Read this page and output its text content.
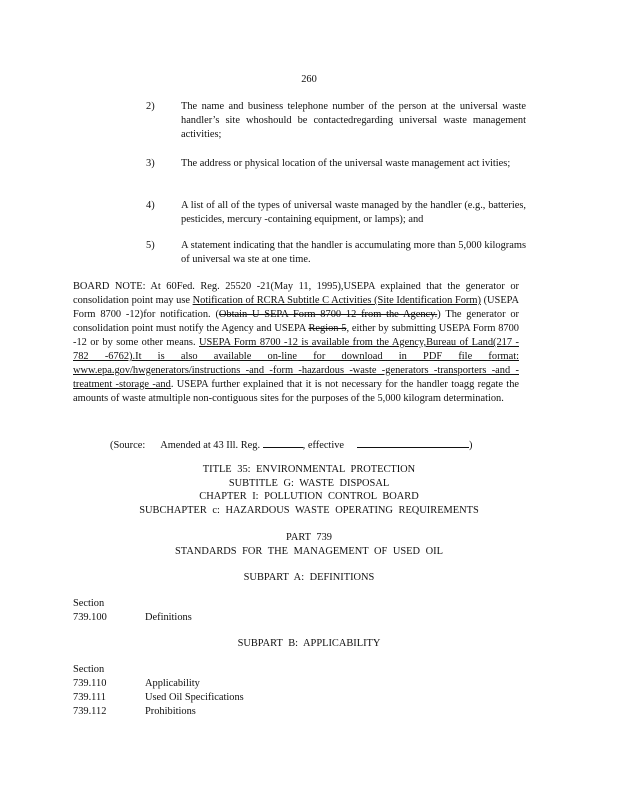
260
2)	The name and business telephone number of the person at the universal waste handler’s site whoshould be contactedregarding universal waste management activities;
3)	The address or physical location of the universal waste management act ivities;
4)	A list of all of the types of universal waste managed by the handler (e.g., batteries, pesticides, mercury -containing equipment, or lamps); and
5)	A statement indicating that the handler is accumulating more than 5,000 kilograms of universal wa ste at one time.
BOARD NOTE: At 60Fed. Reg. 25520 -21(May 11, 1995),USEPA explained that the generator or consolidation point may use Notification of RCRA Subtitle C Activities (Site Identification Form) (USEPA Form 8700 -12)for notification. (Obtain U SEPA Form 8700 12 from the Agency.) The generator or consolidation point must notify the Agency and USEPA Region 5, either by submitting USEPA Form 8700 -12 or by some other means. USEPA Form 8700 -12 is available from the Agency,Bureau of Land(217 - 782 -6762).It is also available on-line for download in PDF file format: www.epa.gov/hwgenerators/instructions -and -form -hazardous -waste -generators -transporters -and -treatment -storage -and. USEPA further explained that it is not necessary for the handler toagg regate the amounts of waste atmultiple non-contiguous sites for the purposes of the 5,000 kilogram determination.
(Source: Amended at 43 Ill. Reg.	, effective	)
TITLE 35: ENVIRONMENTAL PROTECTION
SUBTITLE G: WASTE DISPOSAL
CHAPTER I: POLLUTION CONTROL BOARD
SUBCHAPTER c: HAZARDOUS WASTE OPERATING REQUIREMENTS
PART 739
STANDARDS FOR THE MANAGEMENT OF USED OIL
SUBPART A: DEFINITIONS
Section
739.100	Definitions
SUBPART B: APPLICABILITY
Section
739.110	Applicability
739.111	Used Oil Specifications
739.112	Prohibitions
